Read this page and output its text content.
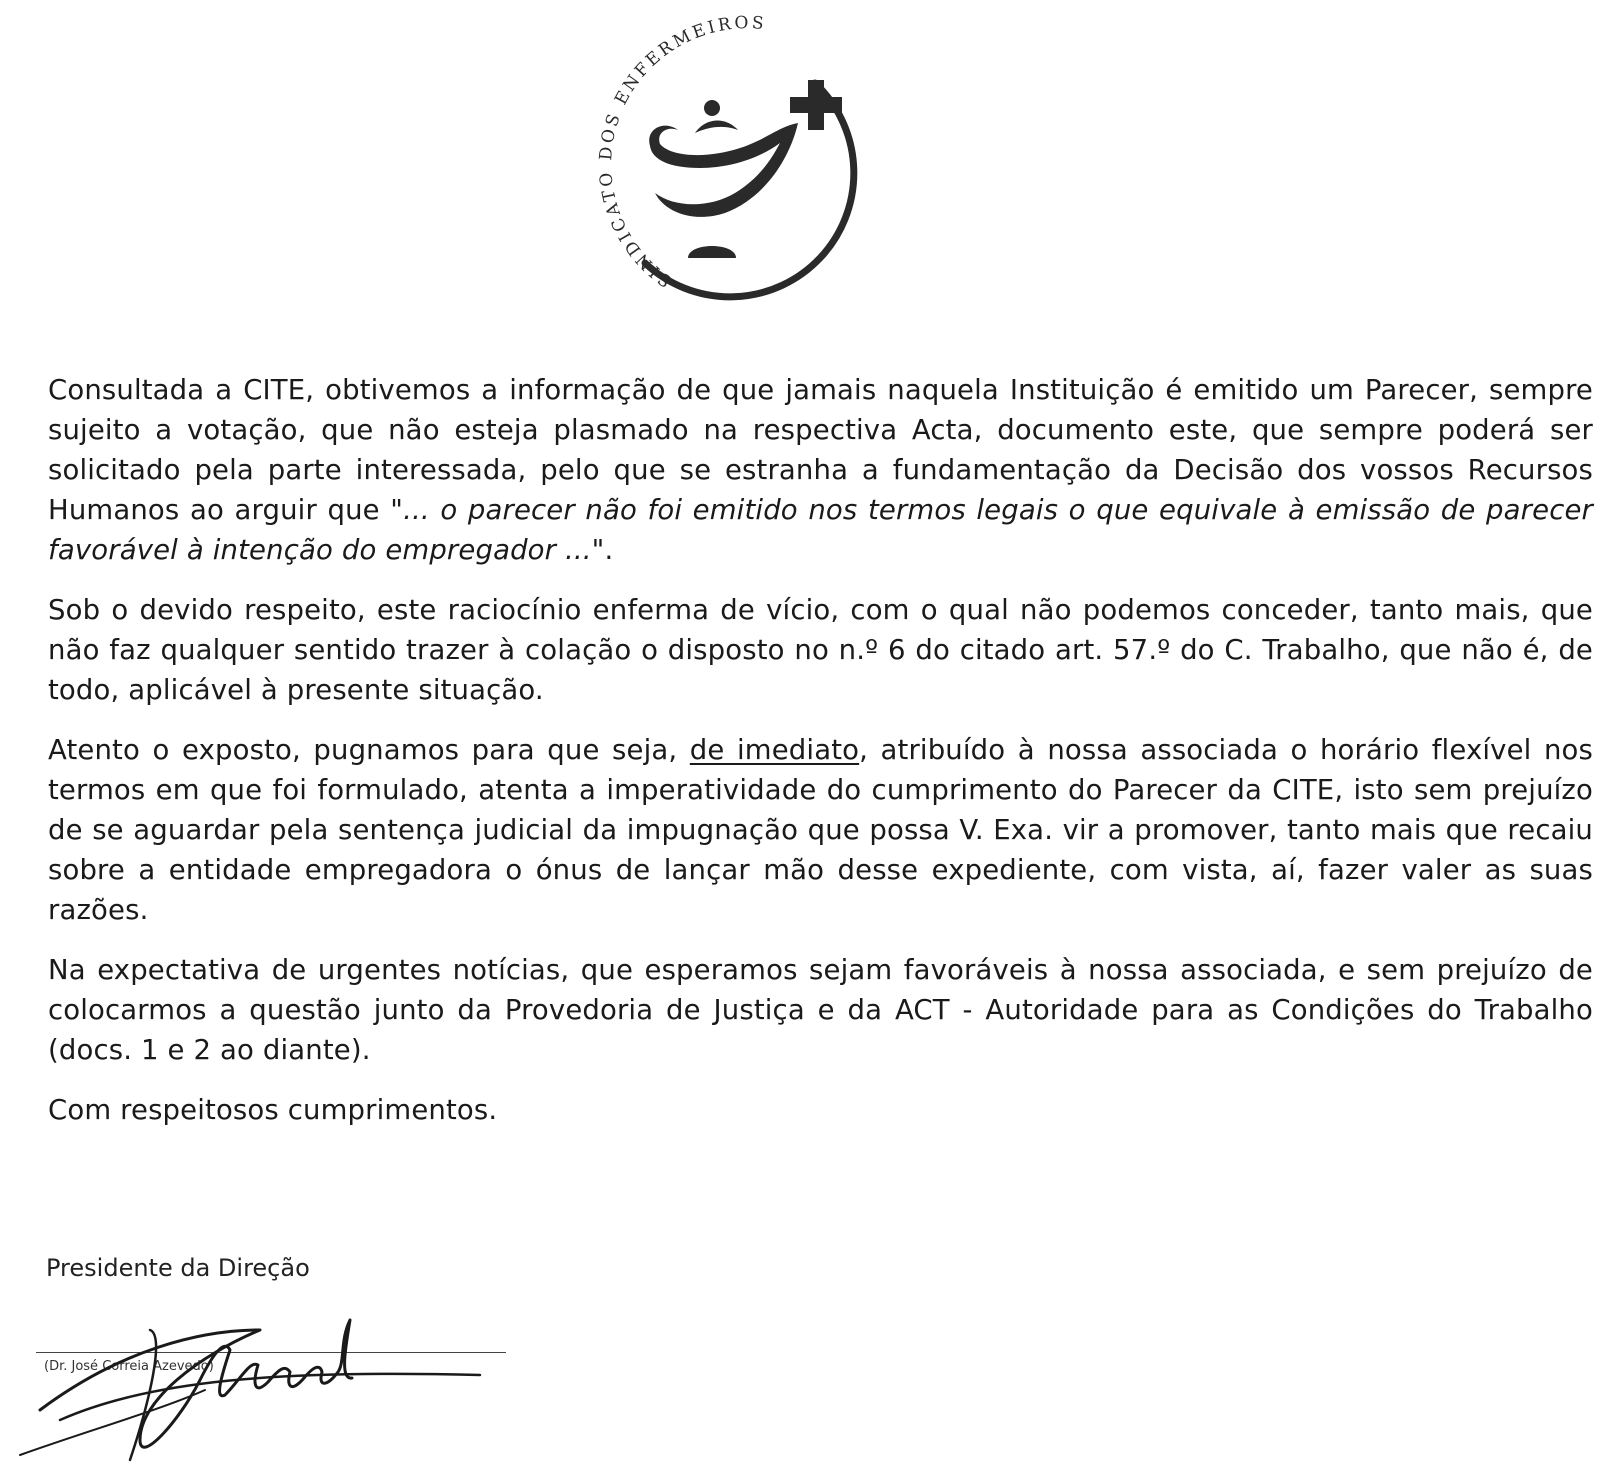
SINDICATO DOS ENFERMEIROS

Consultada a CITE, obtivemos a informação de que jamais naquela Instituição é emitido um Parecer, sempre sujeito a votação, que não esteja plasmado na respectiva Acta, documento este, que sempre poderá ser solicitado pela parte interessada, pelo que se estranha a fundamentação da Decisão dos vossos Recursos Humanos ao arguir que "... o parecer não foi emitido nos termos legais o que equivale à emissão de parecer favorável à intenção do empregador ...".

Sob o devido respeito, este raciocínio enferma de vício, com o qual não podemos conceder, tanto mais, que não faz qualquer sentido trazer à colação o disposto no n.º 6 do citado art. 57.º do C. Trabalho, que não é, de todo, aplicável à presente situação.

Atento o exposto, pugnamos para que seja, de imediato, atribuído à nossa associada o horário flexível nos termos em que foi formulado, atenta a imperatividade do cumprimento do Parecer da CITE, isto sem prejuízo de se aguardar pela sentença judicial da impugnação que possa V. Exa. vir a promover, tanto mais que recaiu sobre a entidade empregadora o ónus de lançar mão desse expediente, com vista, aí, fazer valer as suas razões.

Na expectativa de urgentes notícias, que esperamos sejam favoráveis à nossa associada, e sem prejuízo de colocarmos a questão junto da Provedoria de Justiça e da ACT - Autoridade para as Condições do Trabalho (docs. 1 e 2 ao diante).

Com respeitosos cumprimentos.

Presidente da Direção
(Dr. José Correia Azevedo)
